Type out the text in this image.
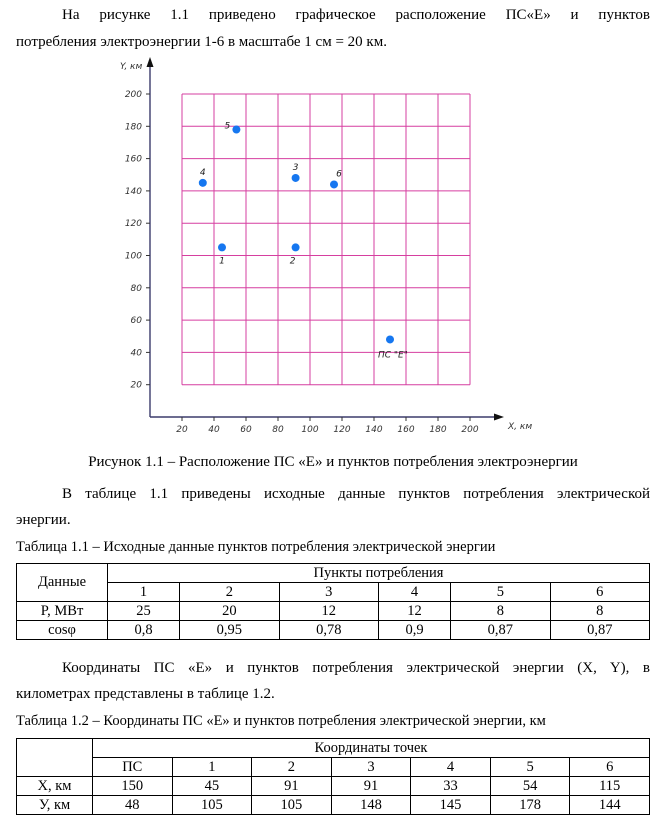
На рисунке 1.1 приведено графическое расположение ПС«Е» и пунктов

потребления электроэнергии 1-6 в масштабе 1 см = 20 км.

X, км
Y, км
20 40 60 80 100 120 140 160 180 200
20
40
60
80
100
120
140
160
180
200
1	2
3
4
5
6
ПС "Е"
Рисунок 1.1 – Расположение ПС «Е» и пунктов потребления электроэнергии

В таблице 1.1 приведены исходные данные пунктов потребления электрической

энергии.

Таблица 1.1 – Исходные данные пунктов потребления электрической энергии
Данные	Пункты потребления					
	1	2	3	4	5	6
P, МВт	25	20	12	12	8	8
cosφ	0,8	0,95	0,78	0,9	0,87	0,87

Координаты ПС «Е» и пунктов потребления электрической энергии (X, Y), в

километрах представлены в таблице 1.2.

Таблица 1.2 – Координаты ПС «Е» и пунктов потребления электрической энергии, км
	Координаты точек						
	ПС	1	2	3	4	5	6
X, км	150	45	91	91	33	54	115
У, км	48	105	105	148	145	178	144
